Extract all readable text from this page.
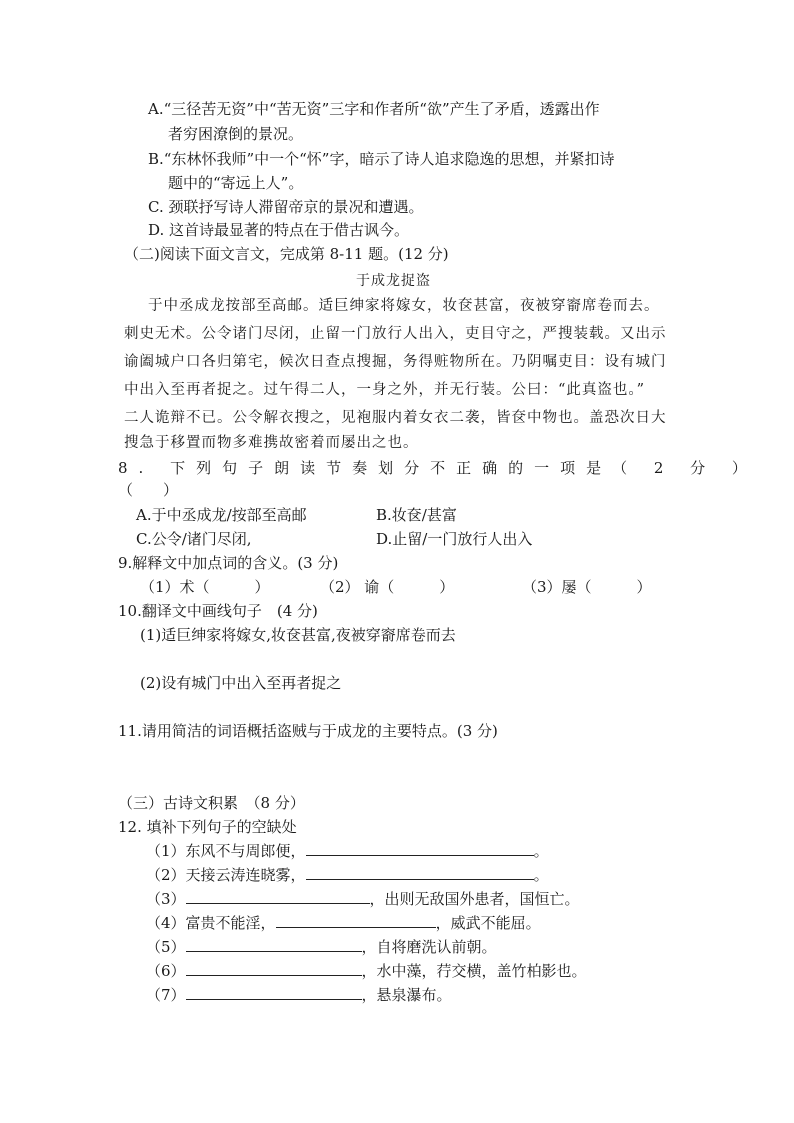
A.“三径苦无资”中“苦无资”三字和作者所“欲”产生了矛盾，透露出作
者穷困潦倒的景况。
B.“东林怀我师”中一个“怀”字，暗示了诗人追求隐逸的思想，并紧扣诗
题中的“寄远上人”。
C. 颈联抒写诗人滞留帝京的景况和遭遇。
D. 这首诗最显著的特点在于借古讽今。
（二)阅读下面文言文，完成第 8-11 题。(12 分)
于成龙捉盗
于中丞成龙按部至高邮。适巨绅家将嫁女，妆奁甚富，夜被穿窬席卷而去。
刺史无术。公令诸门尽闭，止留一门放行人出入，吏目守之，严搜装载。又出示
谕阖城户口各归第宅，候次日查点搜掘，务得赃物所在。乃阴嘱吏目：设有城门
中出入至再者捉之。过午得二人，一身之外，并无行装。公曰：“此真盗也。”
二人诡辩不已。公令解衣搜之，见袍服内着女衣二袭，皆奁中物也。盖恐次日大
搜急于移置而物多难携故密着而屡出之也。
8. 下列句子朗读节奏划分不正确的一项是（ 2 分 ）
（　　）
A.于中丞成龙/按部至高邮	B.妆奁/甚富
C.公令/诸门尽闭,	D.止留/一门放行人出入
9.解释文中加点词的含义。(3 分)
（1）术（　　　）	（2） 谕（　　　）	（3）屡（　　　）
10.翻译文中画线句子　(4 分)
(1)适巨绅家将嫁女,妆奁甚富,夜被穿窬席卷而去
(2)设有城门中出入至再者捉之
11.请用简洁的词语概括盗贼与于成龙的主要特点。(3 分)
（三）古诗文积累　（8 分）
12. 填补下列句子的空缺处
（1）东风不与周郎便，	。
（2）天接云涛连晓雾，	。
（3）	，出则无敌国外患者，国恒亡。
（4）富贵不能淫，	，威武不能屈。
（5）	，自将磨洗认前朝。
（6）	，水中藻，荇交横，盖竹柏影也。
（7）	，悬泉瀑布。
